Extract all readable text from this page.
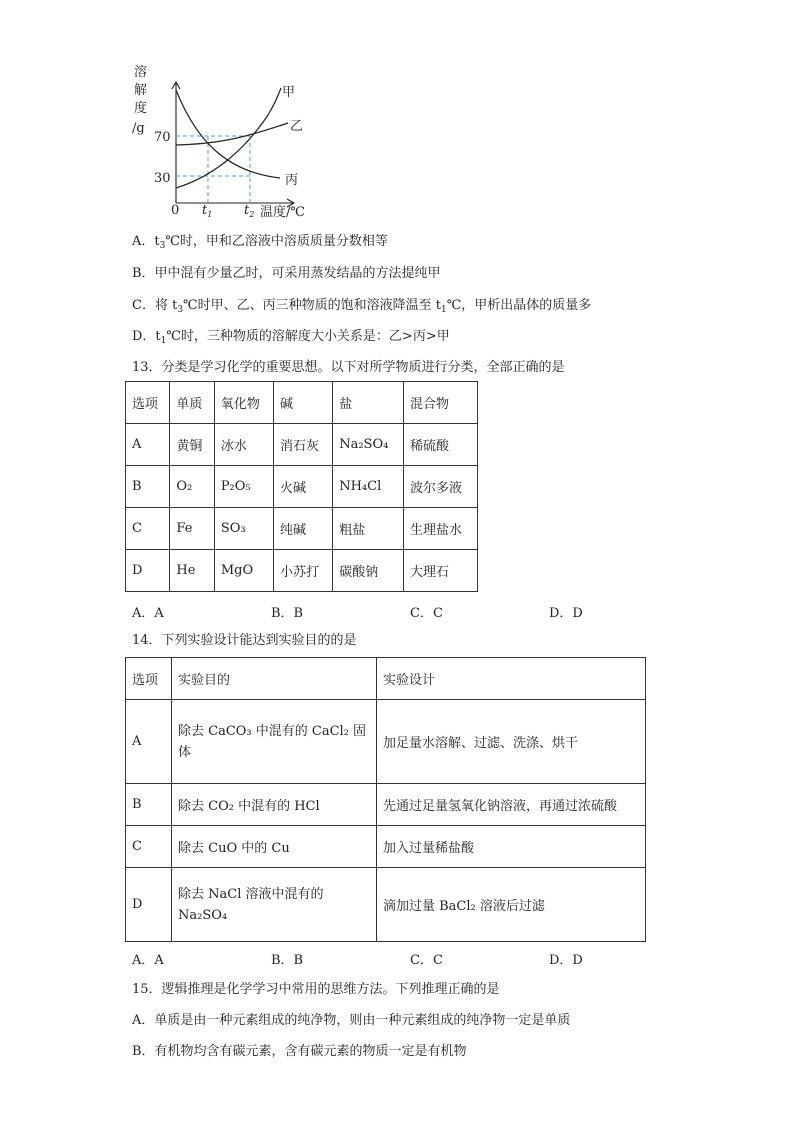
溶
解
度
/g
70
30
0 $t_1$ $t_2$ 温度/℃
甲
乙
丙
A．$t_3℃$时，甲和乙溶液中溶质质量分数相等
B．甲中混有少量乙时，可采用蒸发结晶的方法提纯甲
C．将 $t_3℃$时甲、乙、丙三种物质的饱和溶液降温至 $t_1℃$，甲析出晶体的质量多
D．$t_1℃$时，三种物质的溶解度大小关系是：乙>丙>甲
13．分类是学习化学的重要思想。以下对所学物质进行分类，全部正确的是
选项	单质	氧化物	碱	盐	混合物
A	黄铜	冰水	消石灰	Na₂SO₄	稀硫酸
B	O₂	P₂O₅	火碱	NH₄Cl	波尔多液
C	Fe	SO₃	纯碱	粗盐	生理盐水
D	He	MgO	小苏打	碳酸钠	大理石
A．A	B．B	C．C	D．D
14．下列实验设计能达到实验目的的是
选项	实验目的	实验设计
A	除去 CaCO₃ 中混有的 CaCl₂ 固体	加足量水溶解、过滤、洗涤、烘干
B	除去 CO₂ 中混有的 HCl	先通过足量氢氧化钠溶液，再通过浓硫酸
C	除去 CuO 中的 Cu	加入过量稀盐酸
D	除去 NaCl 溶液中混有的 Na₂SO₄	滴加过量 BaCl₂ 溶液后过滤
A．A	B．B	C．C	D．D
15．逻辑推理是化学学习中常用的思维方法。下列推理正确的是
A．单质是由一种元素组成的纯净物，则由一种元素组成的纯净物一定是单质
B．有机物均含有碳元素，含有碳元素的物质一定是有机物
